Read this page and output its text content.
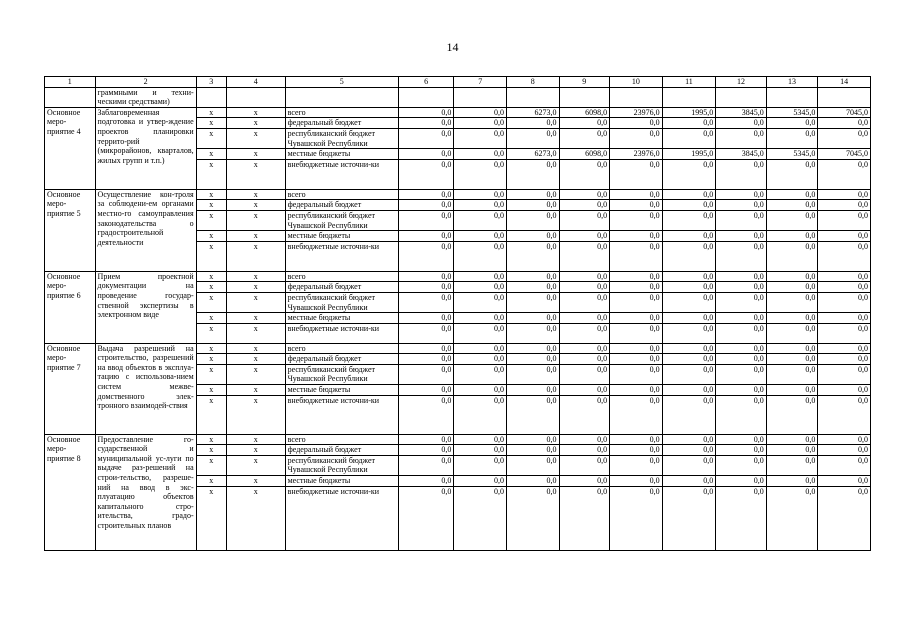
14
1	2	3	4	5	6	7	8	9	10	11	12	13	14
	граммными и техни-ческими средствами)												
Основное меро-приятие 4	Заблаговременная подготовка и утвер-ждение проектов планировки террито-рий (микрорайонов, кварталов, жилых групп и т.п.)	x	x	всего	0,0	0,0	6273,0	6098,0	23976,0	1995,0	3845,0	5345,0	7045,0
		x	x	федеральный бюджет	0,0	0,0	0,0	0,0	0,0	0,0	0,0	0,0	0,0
		x	x	республиканский бюджет Чувашской Республики	0,0	0,0	0,0	0,0	0,0	0,0	0,0	0,0	0,0
		x	x	местные бюджеты	0,0	0,0	6273,0	6098,0	23976,0	1995,0	3845,0	5345,0	7045,0
		x	x	внебюджетные источни-ки	0,0	0,0	0,0	0,0	0,0	0,0	0,0	0,0	0,0
Основное меро-приятие 5	Осуществление кон-троля за соблюдени-ем органами местно-го самоуправления законодательства о градостроительной деятельности	x	x	всего	0,0	0,0	0,0	0,0	0,0	0,0	0,0	0,0	0,0
		x	x	федеральный бюджет	0,0	0,0	0,0	0,0	0,0	0,0	0,0	0,0	0,0
		x	x	республиканский бюджет Чувашской Республики	0,0	0,0	0,0	0,0	0,0	0,0	0,0	0,0	0,0
		x	x	местные бюджеты	0,0	0,0	0,0	0,0	0,0	0,0	0,0	0,0	0,0
		x	x	внебюджетные источни-ки	0,0	0,0	0,0	0,0	0,0	0,0	0,0	0,0	0,0
Основное меро-приятие 6	Прием проектной документации на проведение государ-ственной экспертизы в электронном виде	x	x	всего	0,0	0,0	0,0	0,0	0,0	0,0	0,0	0,0	0,0
		x	x	федеральный бюджет	0,0	0,0	0,0	0,0	0,0	0,0	0,0	0,0	0,0
		x	x	республиканский бюджет Чувашской Республики	0,0	0,0	0,0	0,0	0,0	0,0	0,0	0,0	0,0
		x	x	местные бюджеты	0,0	0,0	0,0	0,0	0,0	0,0	0,0	0,0	0,0
		x	x	внебюджетные источни-ки	0,0	0,0	0,0	0,0	0,0	0,0	0,0	0,0	0,0
Основное меро-приятие 7	Выдача разрешений на строительство, разрешений на ввод объектов в эксплуа-тацию с использова-нием систем межве-домственного элек-тронного взаимодей-ствия	x	x	всего	0,0	0,0	0,0	0,0	0,0	0,0	0,0	0,0	0,0
		x	x	федеральный бюджет	0,0	0,0	0,0	0,0	0,0	0,0	0,0	0,0	0,0
		x	x	республиканский бюджет Чувашской Республики	0,0	0,0	0,0	0,0	0,0	0,0	0,0	0,0	0,0
		x	x	местные бюджеты	0,0	0,0	0,0	0,0	0,0	0,0	0,0	0,0	0,0
		x	x	внебюджетные источни-ки	0,0	0,0	0,0	0,0	0,0	0,0	0,0	0,0	0,0
Основное меро-приятие 8	Предоставление го-сударственной и муниципальной ус-луги по выдаче раз-решений на строи-тельство, разреше-ний на ввод в экс-плуатацию объектов капитального стро-ительства, градо-строительных планов	x	x	всего	0,0	0,0	0,0	0,0	0,0	0,0	0,0	0,0	0,0
		x	x	федеральный бюджет	0,0	0,0	0,0	0,0	0,0	0,0	0,0	0,0	0,0
		x	x	республиканский бюджет Чувашской Республики	0,0	0,0	0,0	0,0	0,0	0,0	0,0	0,0	0,0
		x	x	местные бюджеты	0,0	0,0	0,0	0,0	0,0	0,0	0,0	0,0	0,0
		x	x	внебюджетные источни-ки	0,0	0,0	0,0	0,0	0,0	0,0	0,0	0,0	0,0
